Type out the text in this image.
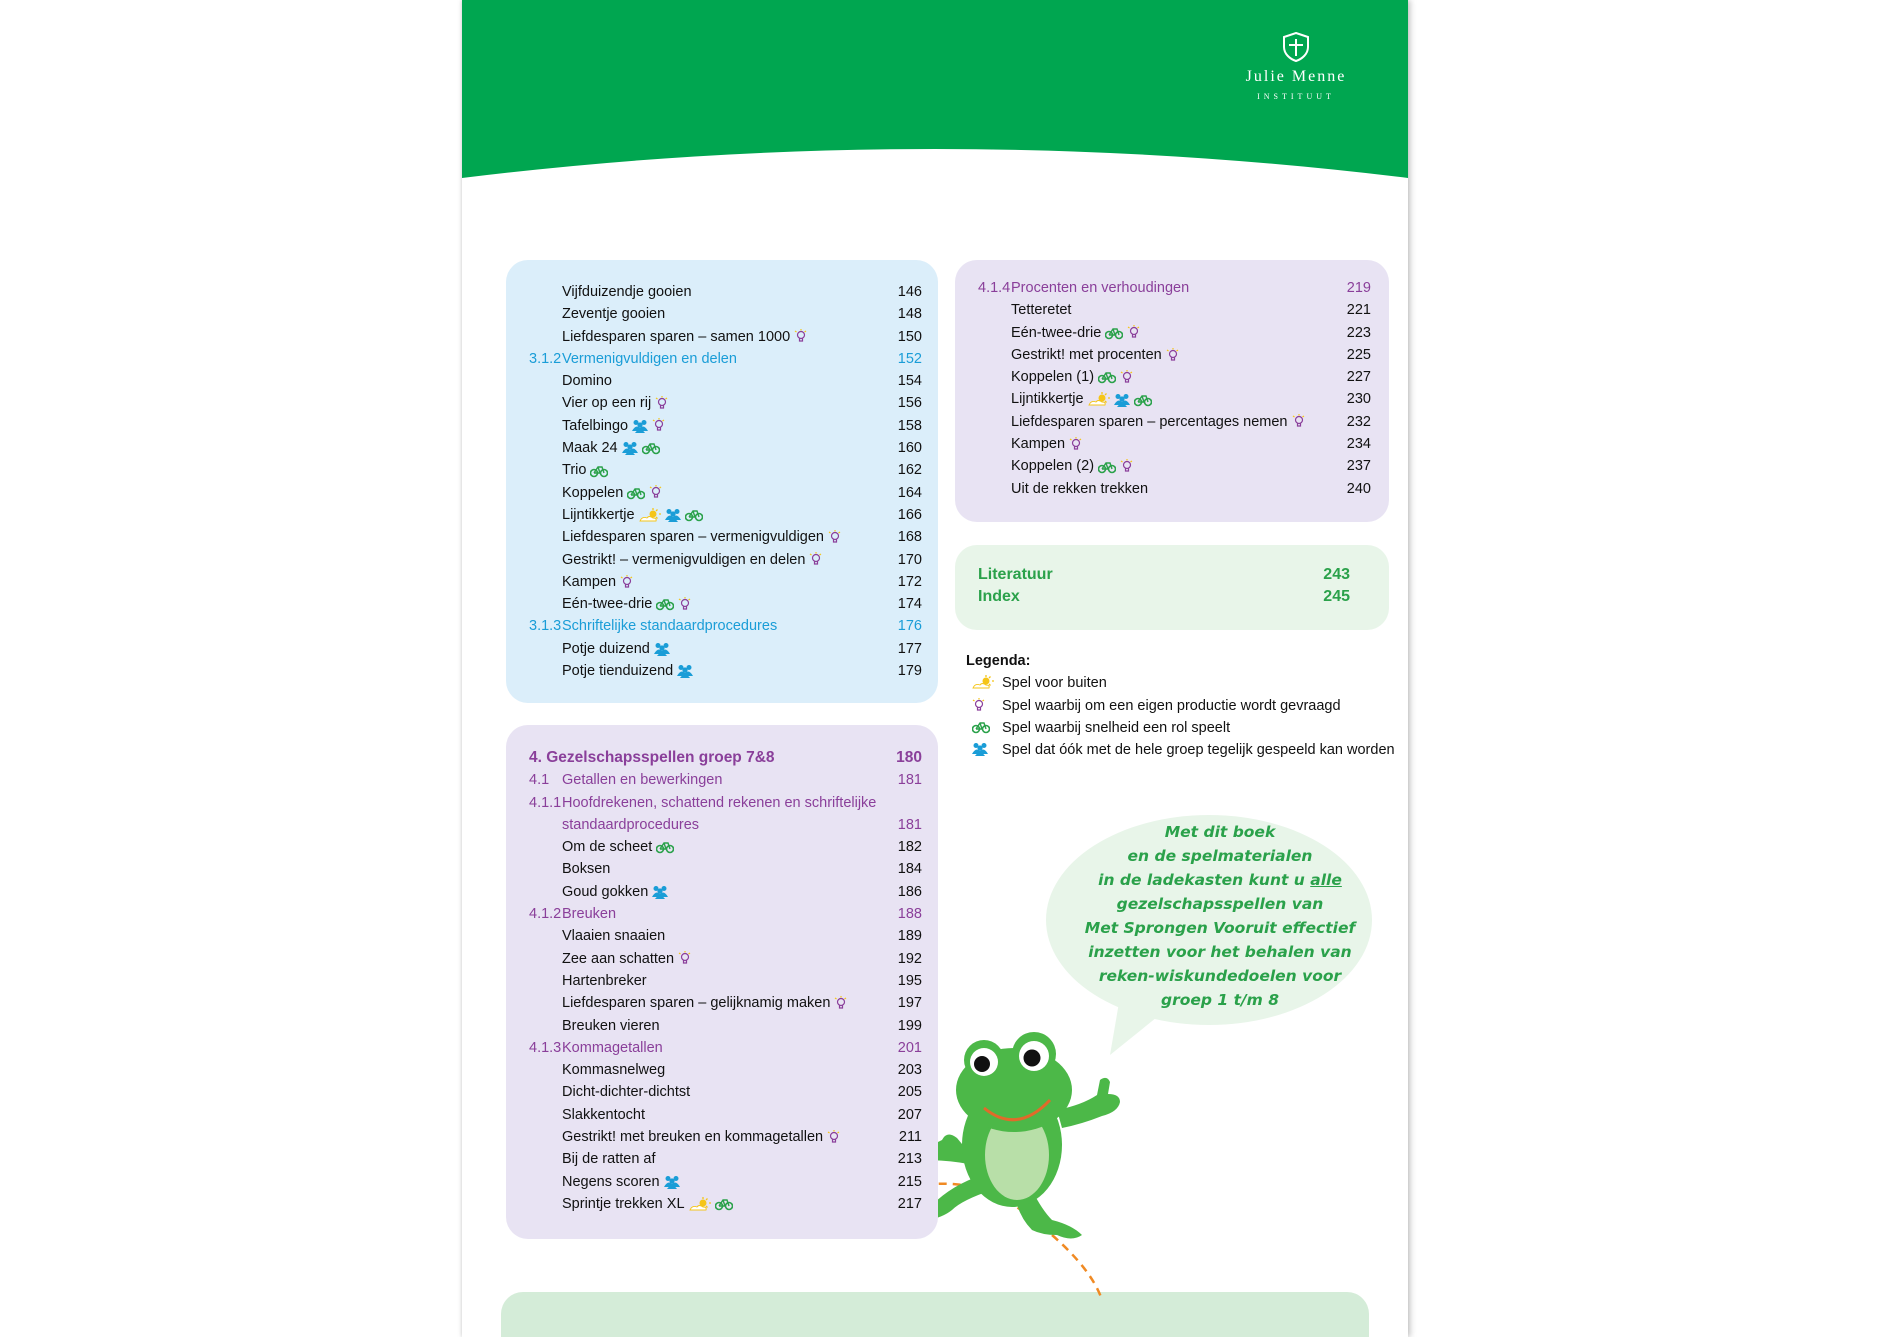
Julie Menne
INSTITUUT
Vijfduizendje gooien	146
Zeventje gooien	148
Liefdesparen sparen – samen 1000	150
3.1.2 Vermenigvuldigen en delen	152
Domino	154
Vier op een rij	156
Tafelbingo	158
Maak 24	160
Trio	162
Koppelen	164
Lijntikkertje	166
Liefdesparen sparen – vermenigvuldigen	168
Gestrikt! – vermenigvuldigen en delen	170
Kampen	172
Eén-twee-drie	174
3.1.3 Schriftelijke standaardprocedures	176
Potje duizend	177
Potje tienduizend	179
4. Gezelschapsspellen groep 7&8	180
4.1 Getallen en bewerkingen	181
4.1.1 Hoofdrekenen, schattend rekenen en schriftelijke
standaardprocedures	181
Om de scheet	182
Boksen	184
Goud gokken	186
4.1.2 Breuken	188
Vlaaien snaaien	189
Zee aan schatten	192
Hartenbreker	195
Liefdesparen sparen – gelijknamig maken	197
Breuken vieren	199
4.1.3 Kommagetallen	201
Kommasnelweg	203
Dicht-dichter-dichtst	205
Slakkentocht	207
Gestrikt! met breuken en kommagetallen	211
Bij de ratten af	213
Negens scoren	215
Sprintje trekken XL	217
4.1.4 Procenten en verhoudingen	219
Tetteretet	221
Eén-twee-drie	223
Gestrikt! met procenten	225
Koppelen (1)	227
Lijntikkertje	230
Liefdesparen sparen – percentages nemen	232
Kampen	234
Koppelen (2)	237
Uit de rekken trekken	240
Literatuur	243
Index	245
Legenda:
Spel voor buiten
Spel waarbij om een eigen productie wordt gevraagd
Spel waarbij snelheid een rol speelt
Spel dat óók met de hele groep tegelijk gespeeld kan worden
Met dit boek
en de spelmaterialen
in de ladekasten kunt u alle
gezelschapsspellen van
Met Sprongen Vooruit effectief
inzetten voor het behalen van
reken-wiskundedoelen voor
groep 1 t/m 8
